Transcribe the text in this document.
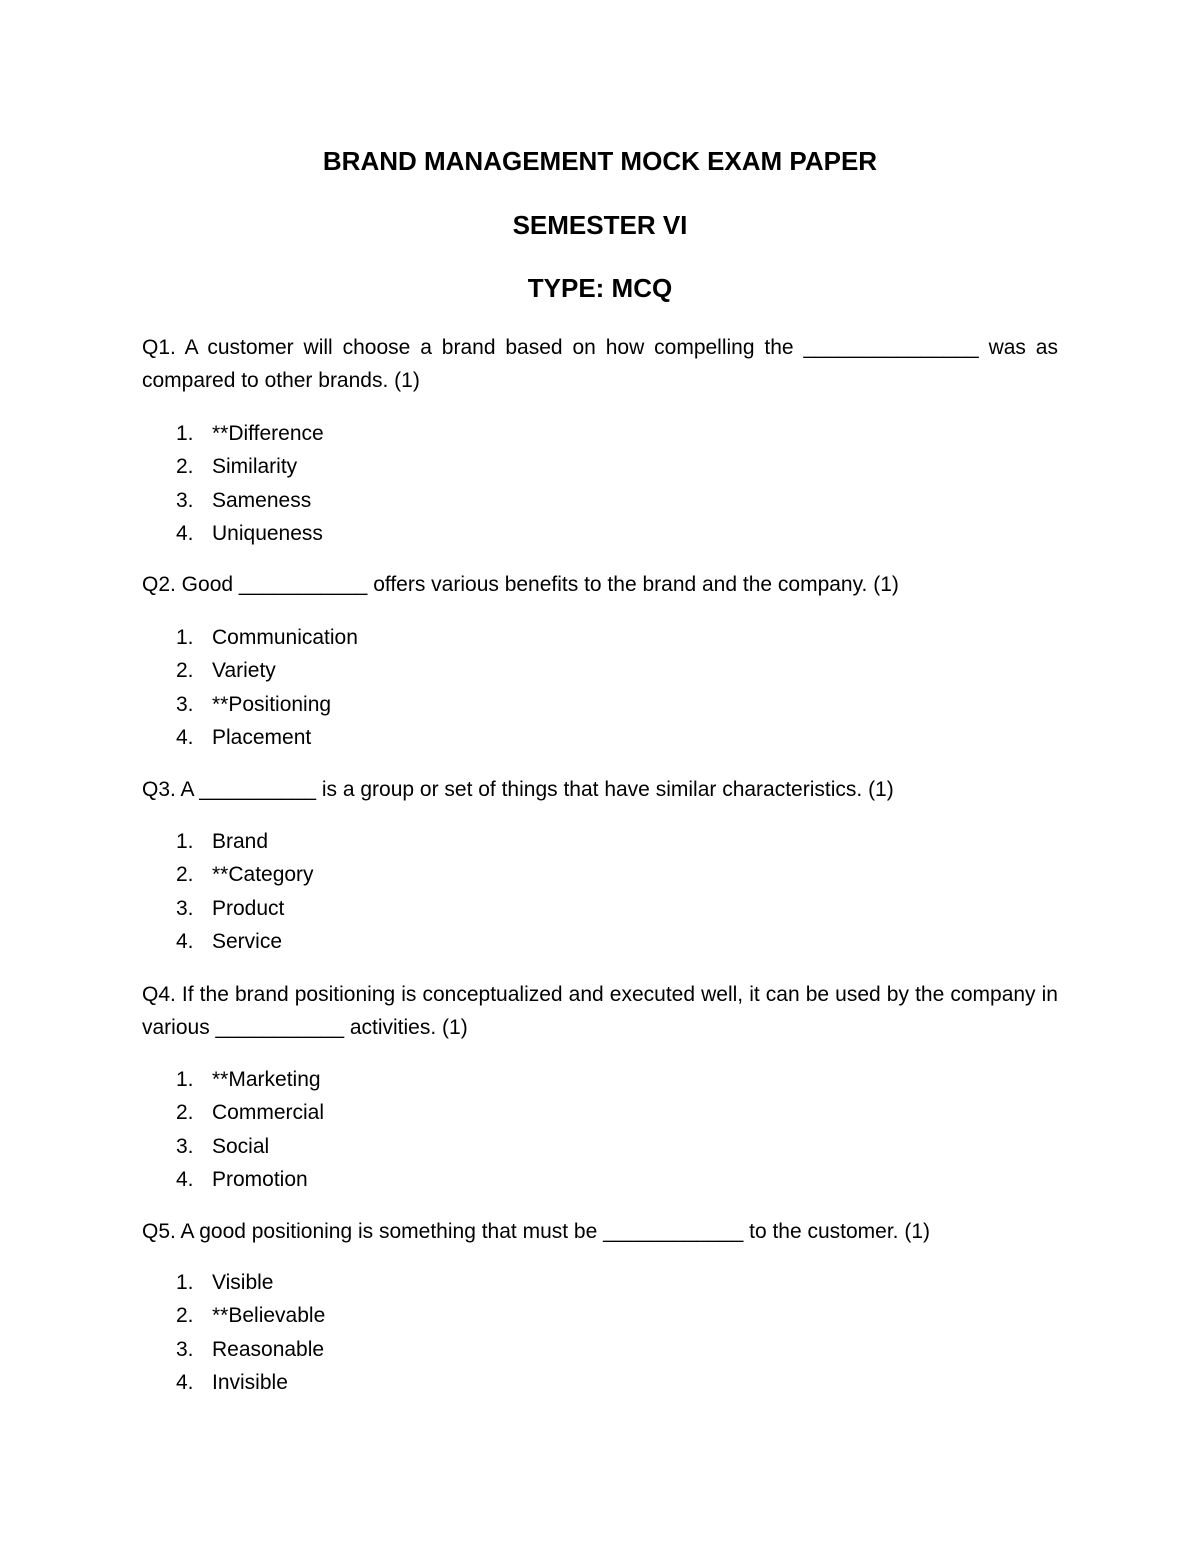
BRAND MANAGEMENT MOCK EXAM PAPER
SEMESTER VI
TYPE: MCQ
Q1. A customer will choose a brand based on how compelling the _______________ was as compared to other brands. (1)
1. **Difference
2. Similarity
3. Sameness
4. Uniqueness
Q2. Good ___________ offers various benefits to the brand and the company. (1)
1. Communication
2. Variety
3. **Positioning
4. Placement
Q3. A __________ is a group or set of things that have similar characteristics. (1)
1. Brand
2. **Category
3. Product
4. Service
Q4. If the brand positioning is conceptualized and executed well, it can be used by the company in various ___________ activities. (1)
1. **Marketing
2. Commercial
3. Social
4. Promotion
Q5. A good positioning is something that must be ____________ to the customer. (1)
1. Visible
2. **Believable
3. Reasonable
4. Invisible
